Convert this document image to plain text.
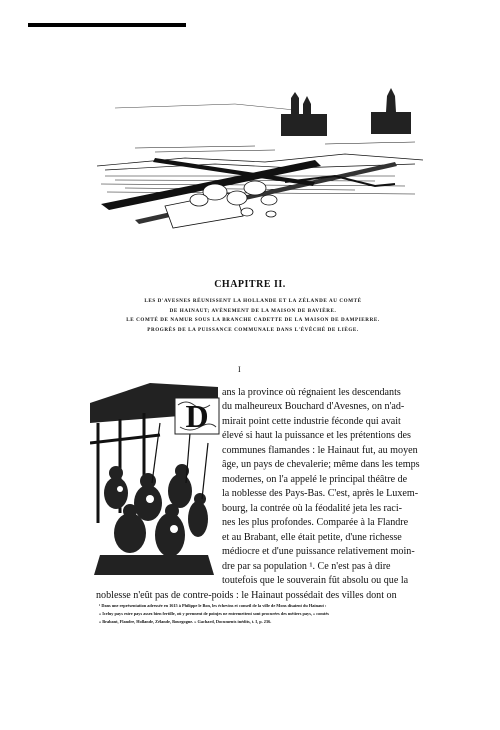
CHAPITRE II.
LES D'AVESNES RÉUNISSENT LA HOLLANDE ET LA ZÉLANDE AU COMTÉ
DE HAINAUT; AVÈNEMENT DE LA MAISON DE BAVIÈRE.
LE COMTÉ DE NAMUR SOUS LA BRANCHE CADETTE DE LA MAISON DE DAMPIERRE.
PROGRÈS DE LA PUISSANCE COMMUNALE DANS L'ÉVÊCHÉ DE LIÈGE.
I
D
ans la province où régnaient les descendants
du malheureux Bouchard d'Avesnes, on n'ad-
mirait point cette industrie féconde qui avait
élevé si haut la puissance et les prétentions des
communes flamandes : le Hainaut fut, au moyen
âge, un pays de chevalerie; même dans les temps
modernes, on l'a appelé le principal théâtre de
la noblesse des Pays-Bas. C'est, après le Luxem-
bourg, la contrée où la féodalité jeta les raci-
nes les plus profondes. Comparée à la Flandre
et au Brabant, elle était petite, d'une richesse
médiocre et d'une puissance relativement moin-
dre par sa population ¹. Ce n'est pas à dire
toutefois que le souverain fût absolu ou que la
noblesse n'eût pas de contre-poids : le Hainaut possédait des villes dont on
¹ Dans une représentation adressée en 1615 à Philippe le Bon, les échevins et conseil de la ville de Mons disaient du Hainaut :
« Iceluy pays estre pays assez bien fertille, où y prennent de poinjes ne entremettent sont procurées des métiers pays, » comtés
« Brabant, Flandre, Hollande, Zélande, Bourgogne. » Gachard, Documents inédits, t. I, p. 236.
